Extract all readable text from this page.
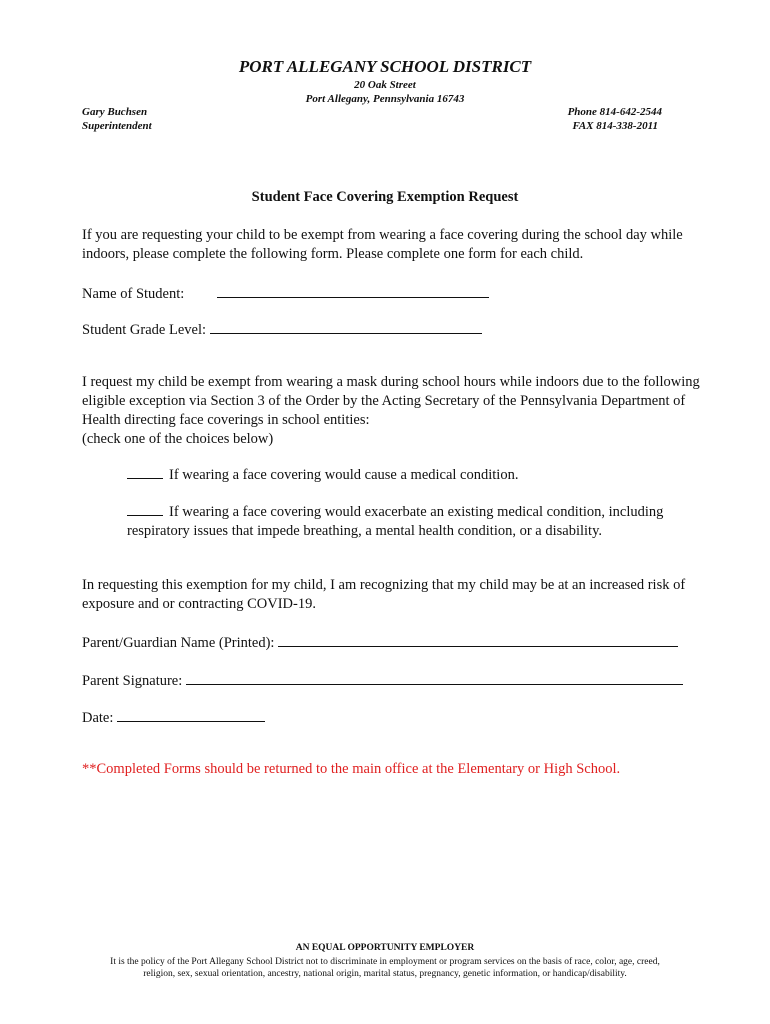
PORT ALLEGANY SCHOOL DISTRICT
20 Oak Street
Port Allegany, Pennsylvania 16743
Gary Buchsen
Superintendent
Phone 814-642-2544
FAX 814-338-2011
Student Face Covering Exemption Request
If you are requesting your child to be exempt from wearing a face covering during the school day while indoors, please complete the following form. Please complete one form for each child.
Name of Student:
Student Grade Level:
I request my child be exempt from wearing a mask during school hours while indoors due to the following eligible exception via Section 3 of the Order by the Acting Secretary of the Pennsylvania Department of Health directing face coverings in school entities:
(check one of the choices below)
If wearing a face covering would cause a medical condition.
If wearing a face covering would exacerbate an existing medical condition, including respiratory issues that impede breathing, a mental health condition, or a disability.
In requesting this exemption for my child, I am recognizing that my child may be at an increased risk of exposure and or contracting COVID-19.
Parent/Guardian Name (Printed):
Parent Signature:
Date:
**Completed Forms should be returned to the main office at the Elementary or High School.
AN EQUAL OPPORTUNITY EMPLOYER
It is the policy of the Port Allegany School District not to discriminate in employment or program services on the basis of race, color, age, creed,
religion, sex, sexual orientation, ancestry, national origin, marital status, pregnancy, genetic information, or handicap/disability.
